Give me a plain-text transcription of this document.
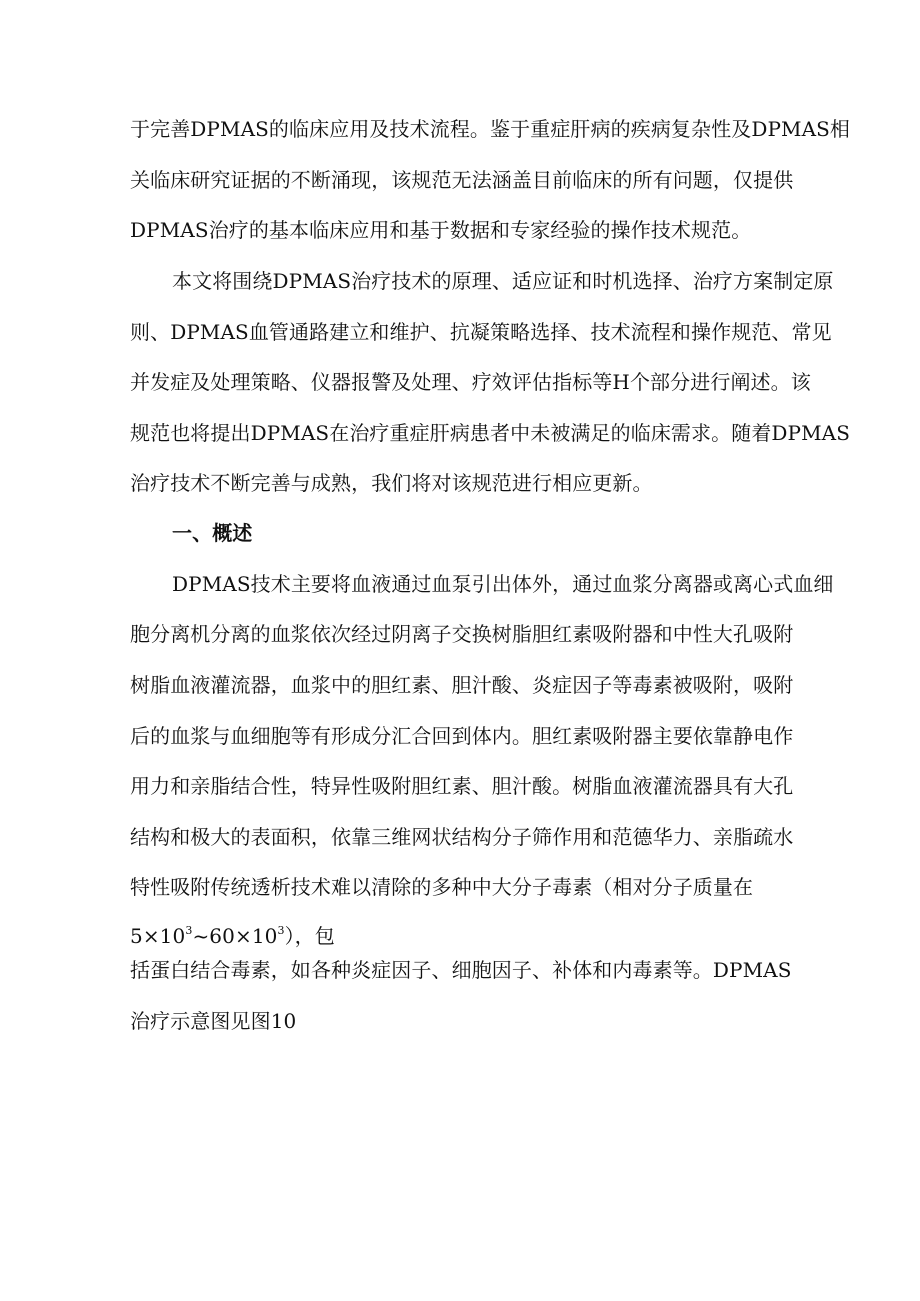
于完善DPMAS的临床应用及技术流程。鉴于重症肝病的疾病复杂性及DPMAS相
关临床研究证据的不断涌现，该规范无法涵盖目前临床的所有问题，仅提供
DPMAS治疗的基本临床应用和基于数据和专家经验的操作技术规范。
本文将围绕DPMAS治疗技术的原理、适应证和时机选择、治疗方案制定原
则、DPMAS血管通路建立和维护、抗凝策略选择、技术流程和操作规范、常见
并发症及处理策略、仪器报警及处理、疗效评估指标等H个部分进行阐述。该
规范也将提出DPMAS在治疗重症肝病患者中未被满足的临床需求。随着DPMAS
治疗技术不断完善与成熟，我们将对该规范进行相应更新。
一、概述
DPMAS技术主要将血液通过血泵引出体外，通过血浆分离器或离心式血细
胞分离机分离的血浆依次经过阴离子交换树脂胆红素吸附器和中性大孔吸附
树脂血液灌流器，血浆中的胆红素、胆汁酸、炎症因子等毒素被吸附，吸附
后的血浆与血细胞等有形成分汇合回到体内。胆红素吸附器主要依靠静电作
用力和亲脂结合性，特异性吸附胆红素、胆汁酸。树脂血液灌流器具有大孔
结构和极大的表面积，依靠三维网状结构分子筛作用和范德华力、亲脂疏水
特性吸附传统透析技术难以清除的多种中大分子毒素（相对分子质量在
$5\times 10^3\sim 60\times 10^3$），包
括蛋白结合毒素，如各种炎症因子、细胞因子、补体和内毒素等。DPMAS
治疗示意图见图10
